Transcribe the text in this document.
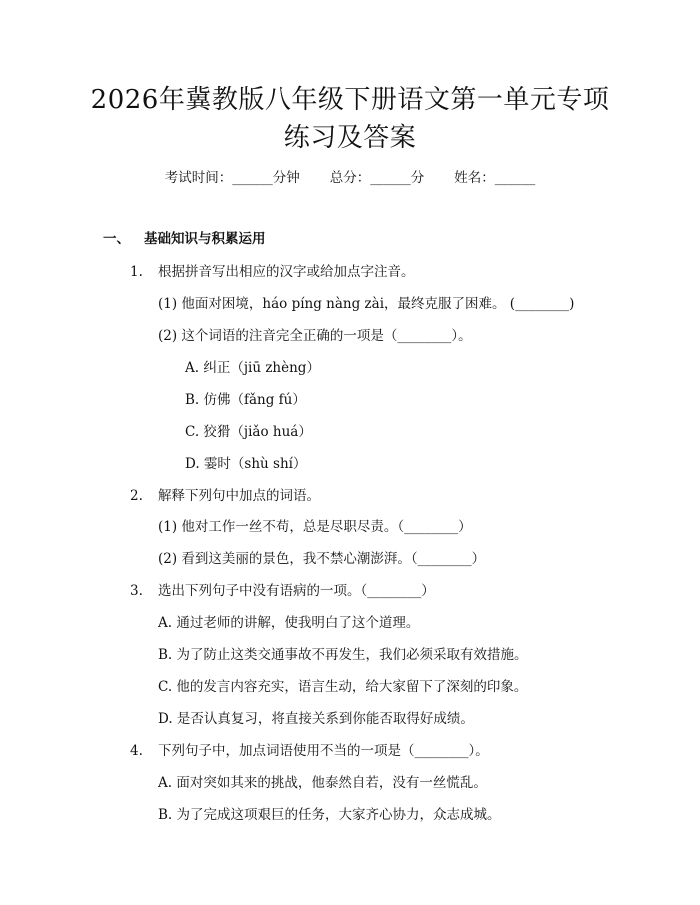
2026年冀教版八年级下册语文第一单元专项
练习及答案
考试时间：______分钟 总分：______分 姓名：______
一、 基础知识与积累运用
1. 根据拼音写出相应的汉字或给加点字注音。
(1) 他面对困境，háo píng nàng zài，最终克服了困难。 (________)
(2) 这个词语的注音完全正确的一项是（________）。
A. 纠正（jiū zhèng）
B. 仿佛（fǎng fú）
C. 狡猾（jiǎo huá）
D. 霎时（shù shí）
2. 解释下列句中加点的词语。
(1) 他对工作一丝不苟，总是尽职尽责。（________）
(2) 看到这美丽的景色，我不禁心潮澎湃。（________）
3. 选出下列句子中没有语病的一项。（________）
A. 通过老师的讲解，使我明白了这个道理。
B. 为了防止这类交通事故不再发生，我们必须采取有效措施。
C. 他的发言内容充实，语言生动，给大家留下了深刻的印象。
D. 是否认真复习，将直接关系到你能否取得好成绩。
4. 下列句子中，加点词语使用不当的一项是（________）。
A. 面对突如其来的挑战，他泰然自若，没有一丝慌乱。
B. 为了完成这项艰巨的任务，大家齐心协力，众志成城。
